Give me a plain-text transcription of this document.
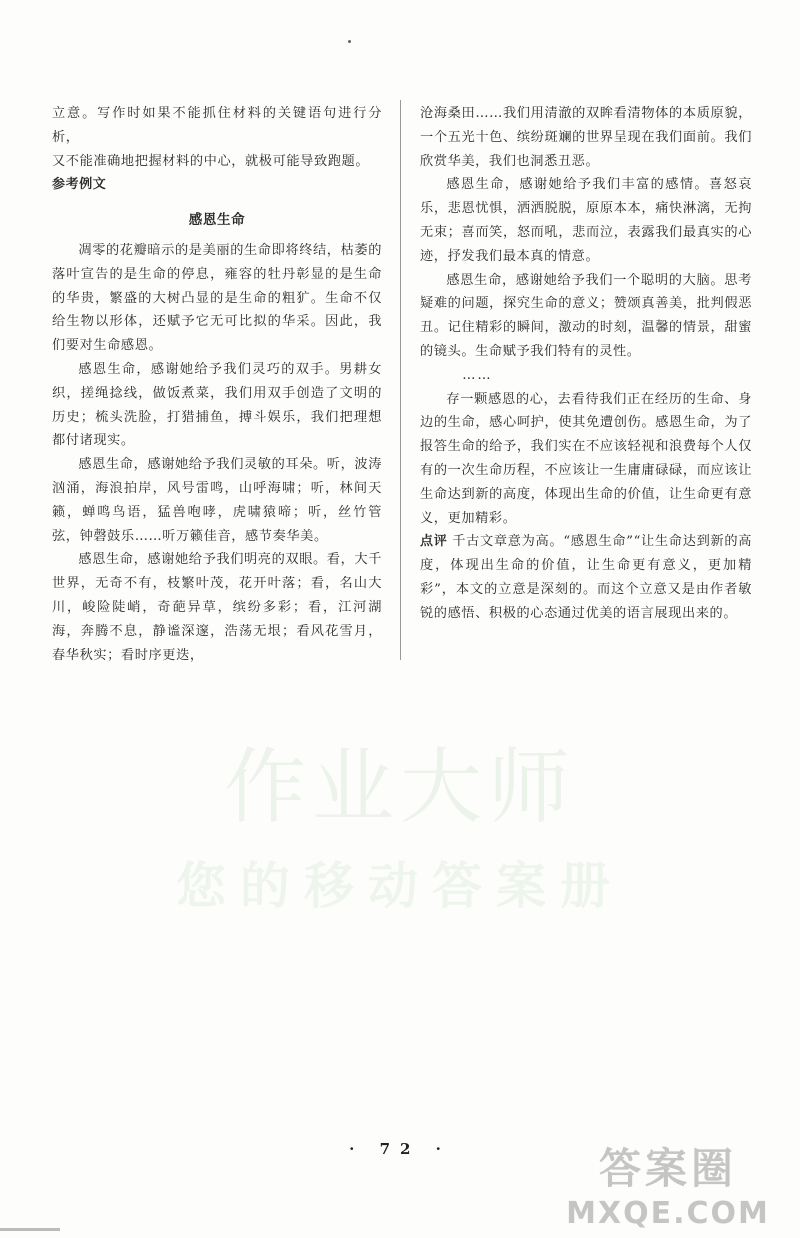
立意。写作时如果不能抓住材料的关键语句进行分析，

又不能准确地把握材料的中心，就极可能导致跑题。

参考例文

感恩生命

凋零的花瓣暗示的是美丽的生命即将终结，枯萎的落叶宣告的是生命的停息，雍容的牡丹彰显的是生命的华贵，繁盛的大树凸显的是生命的粗犷。生命不仅给生物以形体，还赋予它无可比拟的华采。因此，我们要对生命感恩。

感恩生命，感谢她给予我们灵巧的双手。男耕女织，搓绳捻线，做饭煮菜，我们用双手创造了文明的历史；梳头洗脸，打猎捕鱼，搏斗娱乐，我们把理想都付诸现实。

感恩生命，感谢她给予我们灵敏的耳朵。听，波涛汹涌，海浪拍岸，风号雷鸣，山呼海啸；听，林间天籁，蝉鸣鸟语，猛兽咆哮，虎啸猿啼；听，丝竹管弦，钟磬鼓乐……听万籁佳音，感节奏华美。

感恩生命，感谢她给予我们明亮的双眼。看，大千世界，无奇不有，枝繁叶茂，花开叶落；看，名山大川，峻险陡峭，奇葩异草，缤纷多彩；看，江河湖海，奔腾不息，静谧深邃，浩荡无垠；看风花雪月，春华秋实；看时序更迭，

沧海桑田……我们用清澈的双眸看清物体的本质原貌，一个五光十色、缤纷斑斓的世界呈现在我们面前。我们欣赏华美，我们也洞悉丑恶。

感恩生命，感谢她给予我们丰富的感情。喜怒哀乐，悲恩忧惧，洒洒脱脱，原原本本，痛快淋漓，无拘无束；喜而笑，怒而吼，悲而泣，表露我们最真实的心迹，抒发我们最本真的情意。

感恩生命，感谢她给予我们一个聪明的大脑。思考疑难的问题，探究生命的意义；赞颂真善美，批判假恶丑。记住精彩的瞬间，激动的时刻，温馨的情景，甜蜜的镜头。生命赋予我们特有的灵性。

……

存一颗感恩的心，去看待我们正在经历的生命、身边的生命，感心呵护，使其免遭创伤。感恩生命，为了报答生命的给予，我们实在不应该轻视和浪费每个人仅有的一次生命历程，不应该让一生庸庸碌碌，而应该让生命达到新的高度，体现出生命的价值，让生命更有意义，更加精彩。

点评 千古文章意为高。“感恩生命”“让生命达到新的高度，体现出生命的价值，让生命更有意义，更加精彩”，本文的立意是深刻的。而这个立意又是由作者敏锐的感悟、积极的心态通过优美的语言展现出来的。

作业大师
您的移动答案册
· 72 ·	答案圈
MXQE.COM
